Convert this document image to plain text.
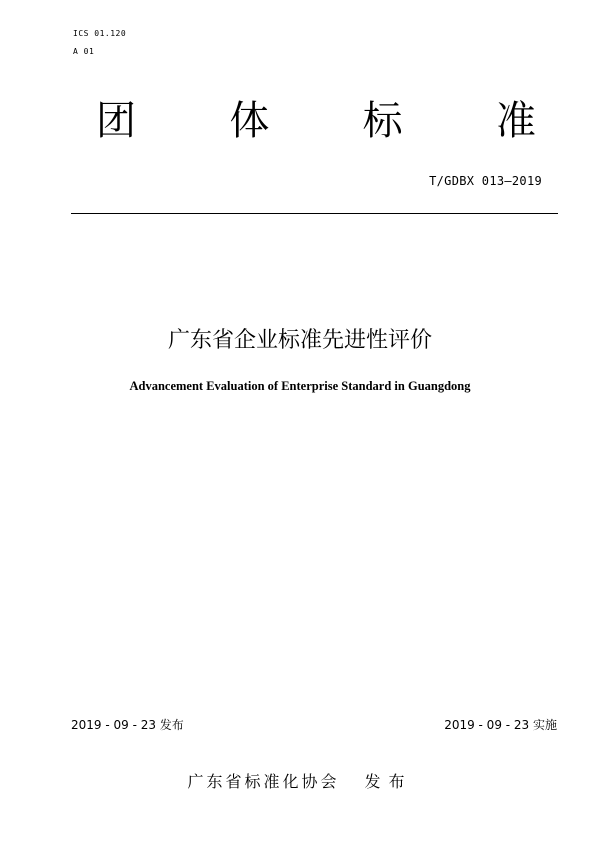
ICS 01.120

A 01

团 体 标 准

T/GDBX 013—2019

广东省企业标准先进性评价
Advancement Evaluation of Enterprise Standard in Guangdong

2019 - 09 - 23 发布	2019 - 09 - 23 实施

广东省标准化协会 发布
